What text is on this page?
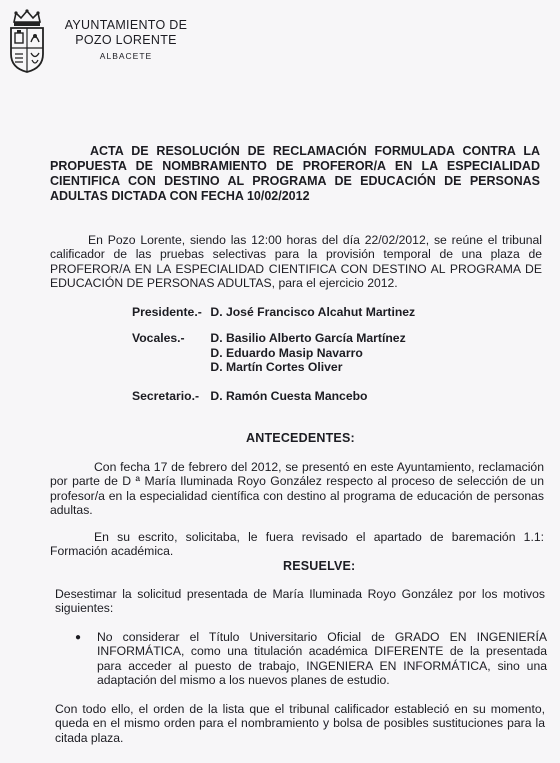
AYUNTAMIENTO DE
POZO LORENTE
ALBACETE
ACTA DE RESOLUCIÓN DE RECLAMACIÓN FORMULADA CONTRA LA PROPUESTA DE NOMBRAMIENTO DE PROFEROR/A EN LA ESPECIALIDAD CIENTIFICA CON DESTINO AL PROGRAMA DE EDUCACIÓN DE PERSONAS ADULTAS DICTADA CON FECHA 10/02/2012

En Pozo Lorente, siendo las 12:00 horas del día 22/02/2012, se reúne el tribunal calificador de las pruebas selectivas para la provisión temporal de una plaza de PROFEROR/A EN LA ESPECIALIDAD CIENTIFICA CON DESTINO AL PROGRAMA DE EDUCACIÓN DE PERSONAS ADULTAS, para el ejercicio 2012.

Presidente.- D. José Francisco Alcahut Martinez
Vocales.- D. Basilio Alberto García Martínez
D. Eduardo Masip Navarro
D. Martín Cortes Oliver
Secretario.- D. Ramón Cuesta Mancebo
ANTECEDENTES:

Con fecha 17 de febrero del 2012, se presentó en este Ayuntamiento, reclamación por parte de D ª María Iluminada Royo González respecto al proceso de selección de un profesor/a en la especialidad científica con destino al programa de educación de personas adultas.

En su escrito, solicitaba, le fuera revisado el apartado de baremación 1.1: Formación académica.

RESUELVE:

Desestimar la solicitud presentada de María Iluminada Royo González por los motivos siguientes:

● No considerar el Título Universitario Oficial de GRADO EN INGENIERÍA INFORMÁTICA, como una titulación académica DIFERENTE de la presentada para acceder al puesto de trabajo, INGENIERA EN INFORMÁTICA, sino una adaptación del mismo a los nuevos planes de estudio.

Con todo ello, el orden de la lista que el tribunal calificador estableció en su momento, queda en el mismo orden para el nombramiento y bolsa de posibles sustituciones para la citada plaza.
